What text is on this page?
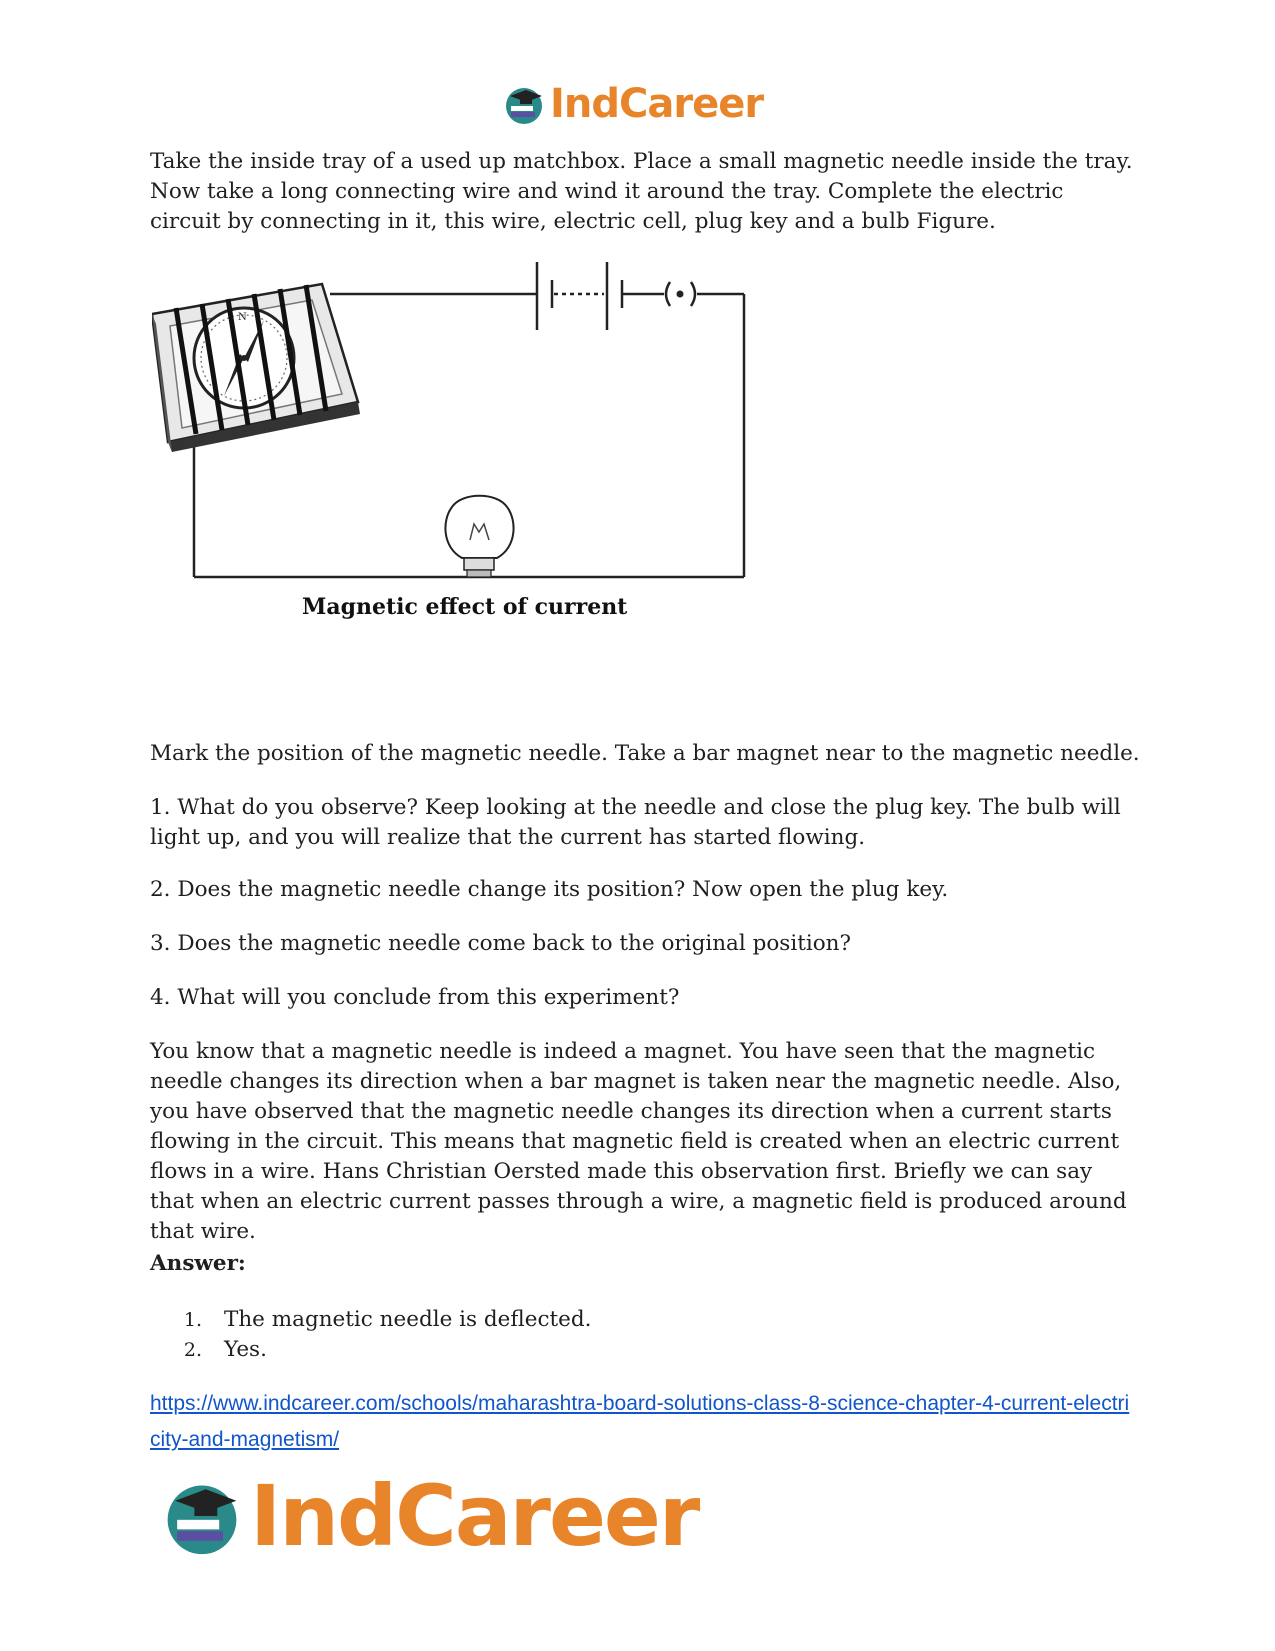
IndCareer

Take the inside tray of a used up matchbox. Place a small magnetic needle inside the tray. Now take a long connecting wire and wind it around the tray. Complete the electric circuit by connecting in it, this wire, electric cell, plug key and a bulb Figure.

N
Magnetic effect of current

Mark the position of the magnetic needle. Take a bar magnet near to the magnetic needle.

1. What do you observe? Keep looking at the needle and close the plug key. The bulb will light up, and you will realize that the current has started flowing.

2. Does the magnetic needle change its position? Now open the plug key.

3. Does the magnetic needle come back to the original position?

4. What will you conclude from this experiment?

You know that a magnetic needle is indeed a magnet. You have seen that the magnetic needle changes its direction when a bar magnet is taken near the magnetic needle. Also, you have observed that the magnetic needle changes its direction when a current starts flowing in the circuit. This means that magnetic field is created when an electric current flows in a wire. Hans Christian Oersted made this observation first. Briefly we can say that when an electric current passes through a wire, a magnetic field is produced around that wire.

Answer:

1.	The magnetic needle is deflected.
2.	Yes.
https://www.indcareer.com/schools/maharashtra-board-solutions-class-8-science-chapter-4-current-electricity-and-magnetism/
IndCareer
